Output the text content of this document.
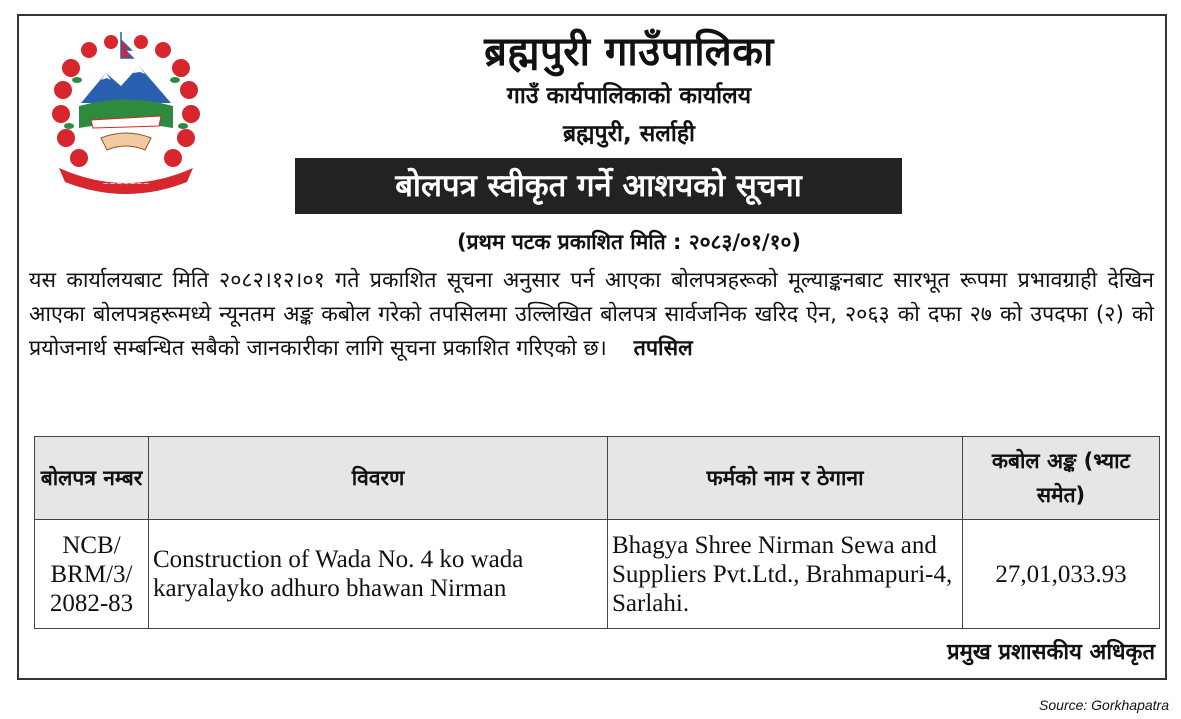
~~~~~~~
ब्रह्मपुरी गाउँपालिका
गाउँ कार्यपालिकाको कार्यालय
ब्रह्मपुरी, सर्लाही
बोलपत्र स्वीकृत गर्ने आशयको सूचना
(प्रथम पटक प्रकाशित मिति : २०८३/०१/१०)
यस कार्यालयबाट मिति २०८२।१२।०१ गते प्रकाशित सूचना अनुसार पर्न आएका बोलपत्रहरूको मूल्याङ्कनबाट सारभूत रूपमा प्रभावग्राही देखिन आएका बोलपत्रहरूमध्ये न्यूनतम अङ्क कबोल गरेको तपसिलमा उल्लिखित बोलपत्र सार्वजनिक खरिद ऐन, २०६३ को दफा २७ को उपदफा (२) को प्रयोजनार्थ सम्बन्धित सबैको जानकारीका लागि सूचना प्रकाशित गरिएको छ। तपसिल
बोलपत्र नम्बर	विवरण	फर्मको नाम र ठेगाना	कबोल अङ्क (भ्याट समेत)
NCB/ BRM/3/ 2082-83	Construction of Wada No. 4 ko wada karyalayko adhuro bhawan Nirman	Bhagya Shree Nirman Sewa and Suppliers Pvt.Ltd., Brahmapuri-4, Sarlahi.	27,01,033.93
प्रमुख प्रशासकीय अधिकृत
Source: Gorkhapatra
